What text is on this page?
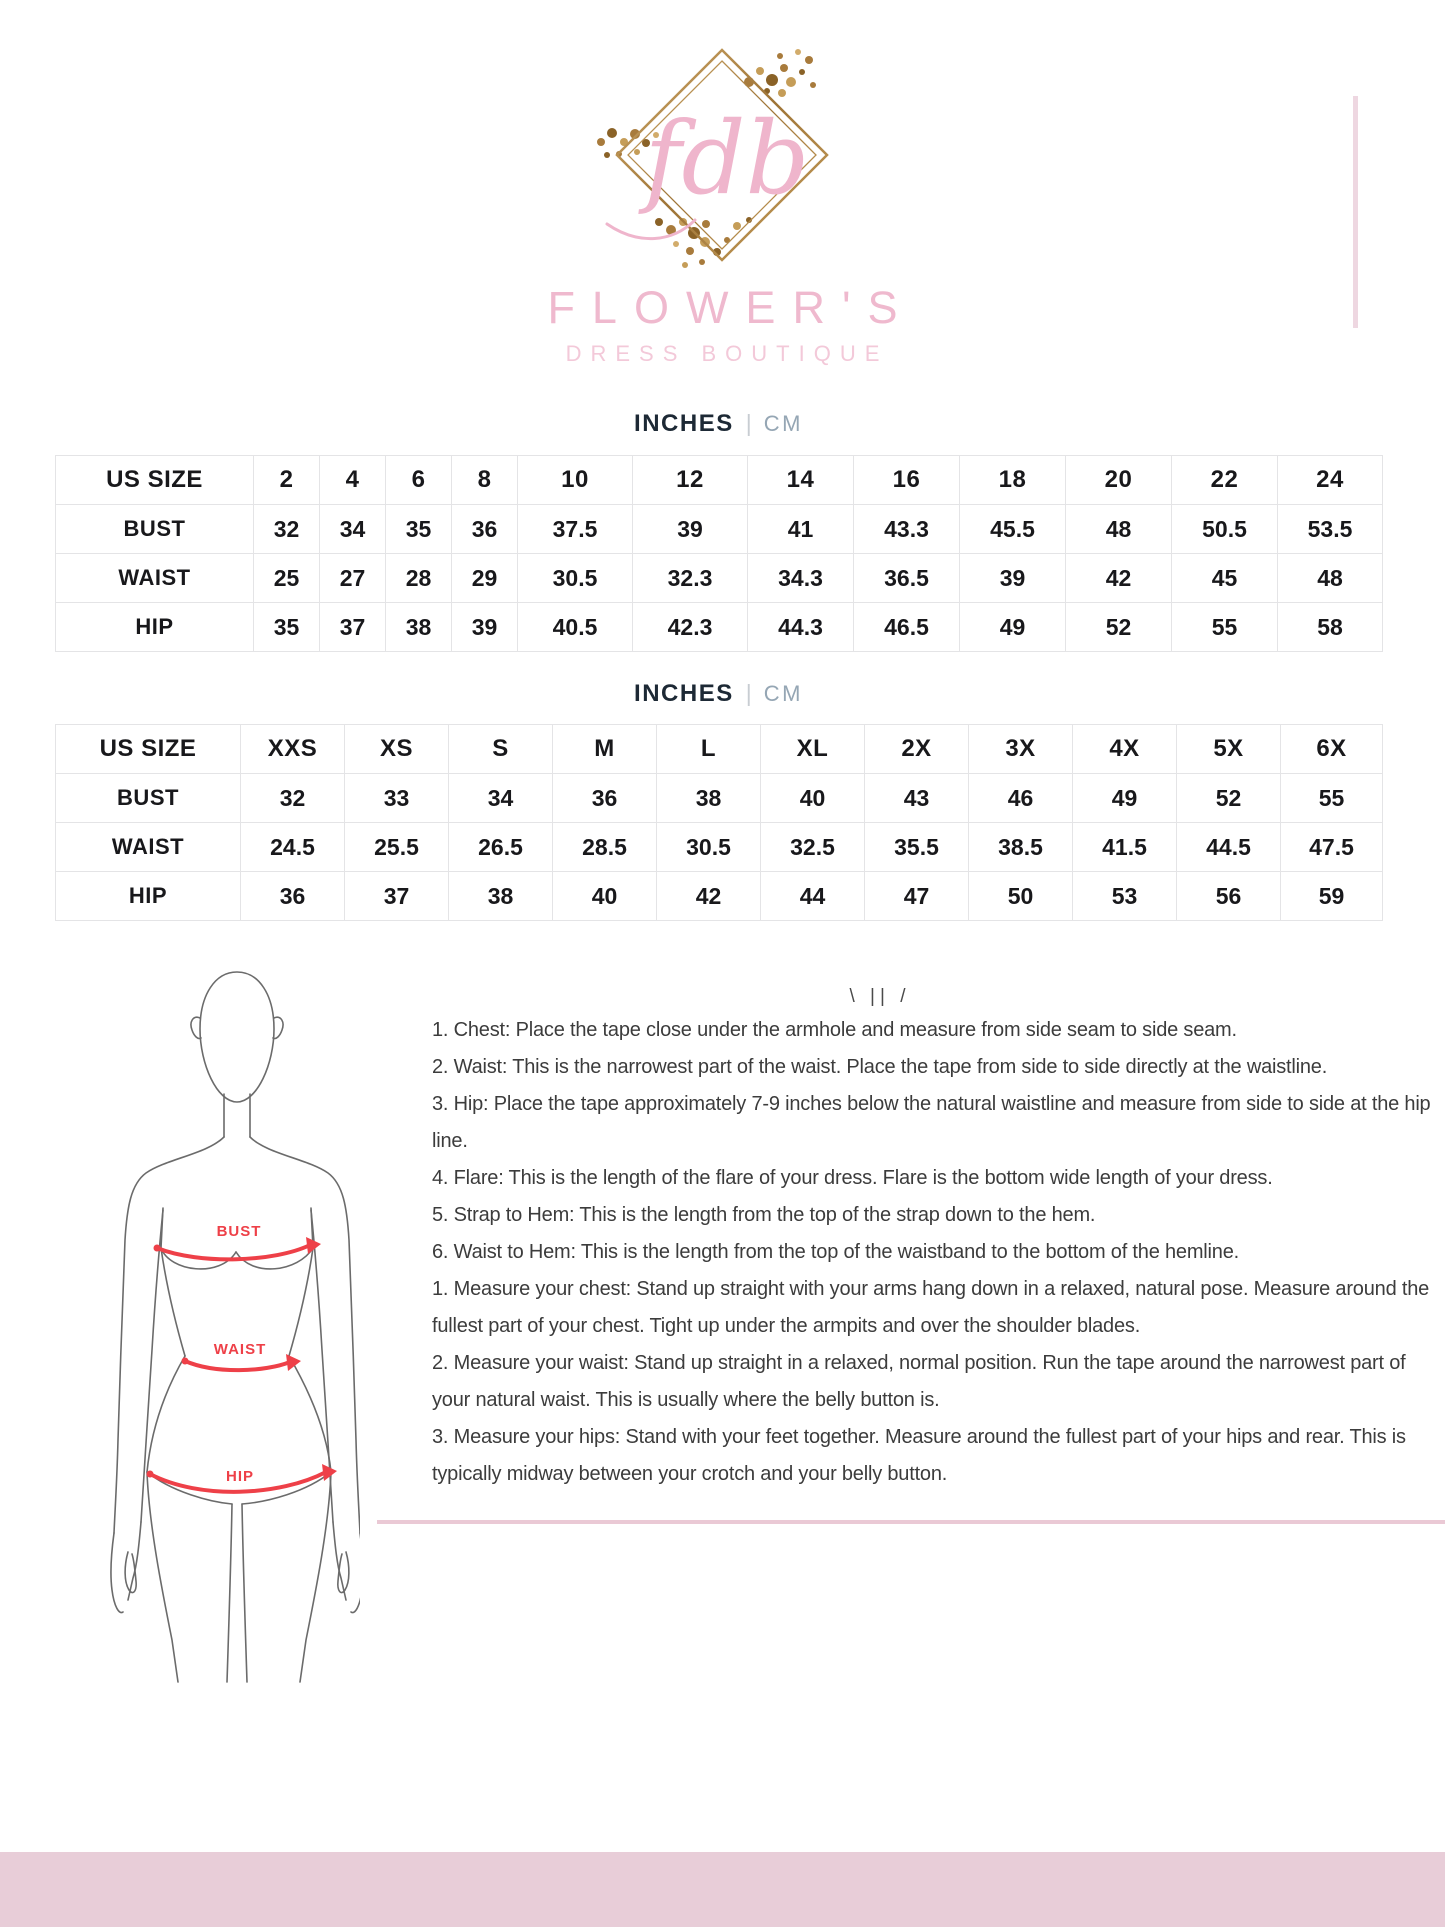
fdb
FLOWER'S
DRESS BOUTIQUE
INCHES | CM
US SIZE	2	4	6	8	10	12	14	16	18	20	22	24
BUST	32	34	35	36	37.5	39	41	43.3	45.5	48	50.5	53.5
WAIST	25	27	28	29	30.5	32.3	34.3	36.5	39	42	45	48
HIP	35	37	38	39	40.5	42.3	44.3	46.5	49	52	55	58
INCHES | CM
US SIZE	XXS	XS	S	M	L	XL	2X	3X	4X	5X	6X
BUST	32	33	34	36	38	40	43	46	49	52	55
WAIST	24.5	25.5	26.5	28.5	30.5	32.5	35.5	38.5	41.5	44.5	47.5
HIP	36	37	38	40	42	44	47	50	53	56	59
BUST
WAIST
HIP
\ || /

1. Chest: Place the tape close under the armhole and measure from side seam to side seam.

2. Waist: This is the narrowest part of the waist. Place the tape from side to side directly at the waistline.

3. Hip: Place the tape approximately 7-9 inches below the natural waistline and measure from side to side at the hip line.

4. Flare: This is the length of the flare of your dress. Flare is the bottom wide length of your dress.

5. Strap to Hem: This is the length from the top of the strap down to the hem.

6. Waist to Hem: This is the length from the top of the waistband to the bottom of the hemline.

1. Measure your chest: Stand up straight with your arms hang down in a relaxed, natural pose. Measure around the fullest part of your chest. Tight up under the armpits and over the shoulder blades.

2. Measure your waist: Stand up straight in a relaxed, normal position. Run the tape around the narrowest part of your natural waist. This is usually where the belly button is.

3. Measure your hips: Stand with your feet together. Measure around the fullest part of your hips and rear. This is typically midway between your crotch and your belly button.
